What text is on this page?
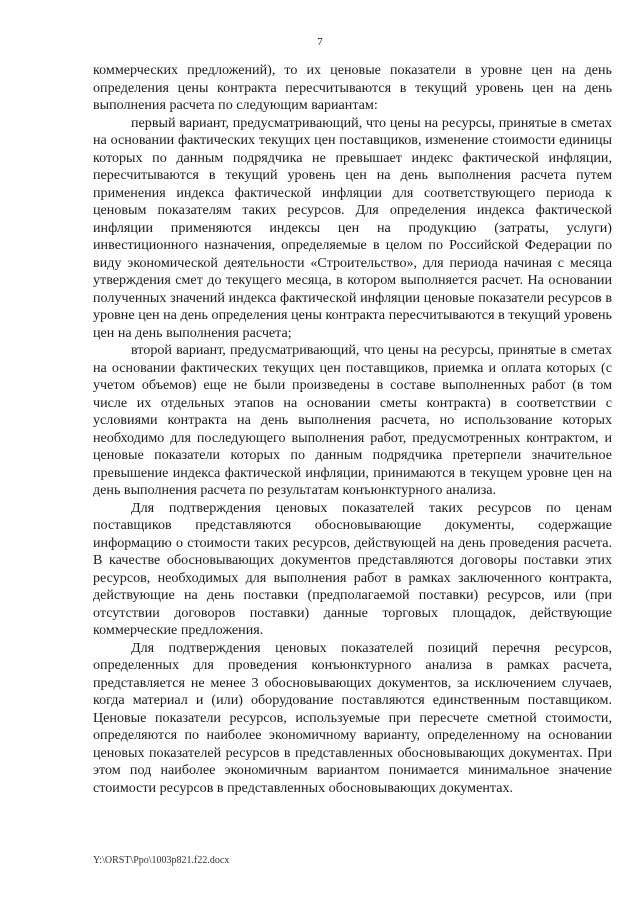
7

коммерческих предложений), то их ценовые показатели в уровне цен на день определения цены контракта пересчитываются в текущий уровень цен на день выполнения расчета по следующим вариантам:

первый вариант, предусматривающий, что цены на ресурсы, принятые в сметах на основании фактических текущих цен поставщиков, изменение стоимости единицы которых по данным подрядчика не превышает индекс фактической инфляции, пересчитываются в текущий уровень цен на день выполнения расчета путем применения индекса фактической инфляции для соответствующего периода к ценовым показателям таких ресурсов. Для определения индекса фактической инфляции применяются индексы цен на продукцию (затраты, услуги) инвестиционного назначения, определяемые в целом по Российской Федерации по виду экономической деятельности «Строительство», для периода начиная с месяца утверждения смет до текущего месяца, в котором выполняется расчет. На основании полученных значений индекса фактической инфляции ценовые показатели ресурсов в уровне цен на день определения цены контракта пересчитываются в текущий уровень цен на день выполнения расчета;

второй вариант, предусматривающий, что цены на ресурсы, принятые в сметах на основании фактических текущих цен поставщиков, приемка и оплата которых (с учетом объемов) еще не были произведены в составе выполненных работ (в том числе их отдельных этапов на основании сметы контракта) в соответствии с условиями контракта на день выполнения расчета, но использование которых необходимо для последующего выполнения работ, предусмотренных контрактом, и ценовые показатели которых по данным подрядчика претерпели значительное превышение индекса фактической инфляции, принимаются в текущем уровне цен на день выполнения расчета по результатам конъюнктурного анализа.

Для подтверждения ценовых показателей таких ресурсов по ценам поставщиков представляются обосновывающие документы, содержащие информацию о стоимости таких ресурсов, действующей на день проведения расчета. В качестве обосновывающих документов представляются договоры поставки этих ресурсов, необходимых для выполнения работ в рамках заключенного контракта, действующие на день поставки (предполагаемой поставки) ресурсов, или (при отсутствии договоров поставки) данные торговых площадок, действующие коммерческие предложения.

Для подтверждения ценовых показателей позиций перечня ресурсов, определенных для проведения конъюнктурного анализа в рамках расчета, представляется не менее 3 обосновывающих документов, за исключением случаев, когда материал и (или) оборудование поставляются единственным поставщиком. Ценовые показатели ресурсов, используемые при пересчете сметной стоимости, определяются по наиболее экономичному варианту, определенному на основании ценовых показателей ресурсов в представленных обосновывающих документах. При этом под наиболее экономичным вариантом понимается минимальное значение стоимости ресурсов в представленных обосновывающих документах.

Y:\ORST\Ppo\1003p821.f22.docx
